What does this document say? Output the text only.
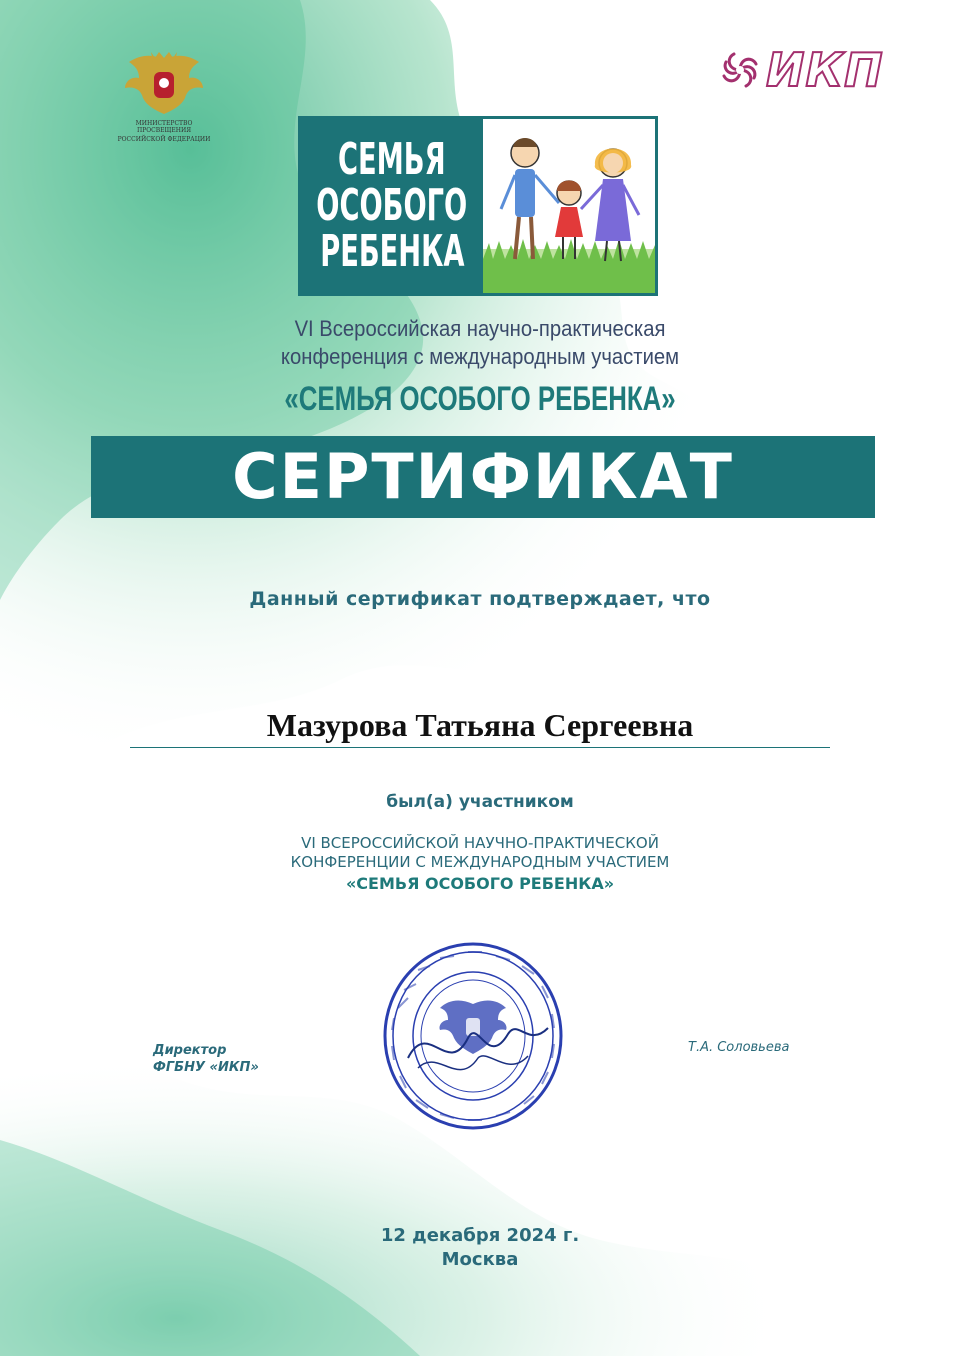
МИНИСТЕРСТВО ПРОСВЕЩЕНИЯ
РОССИЙСКОЙ ФЕДЕРАЦИИ
ИКП
СЕМЬЯ
ОСОБОГО
РЕБЕНКА
VI Всероссийская научно-практическая
конференция с международным участием
«СЕМЬЯ ОСОБОГО РЕБЕНКА»
СЕРТИФИКАТ
Данный сертификат подтверждает, что
Мазурова Татьяна Сергеевна
был(а) участником
VI ВСЕРОССИЙСКОЙ НАУЧНО-ПРАКТИЧЕСКОЙ
КОНФЕРЕНЦИИ С МЕЖДУНАРОДНЫМ УЧАСТИЕМ
«СЕМЬЯ ОСОБОГО РЕБЕНКА»
Директор
ФГБНУ «ИКП»
Т.А. Соловьева
12 декабря 2024 г.
Москва
